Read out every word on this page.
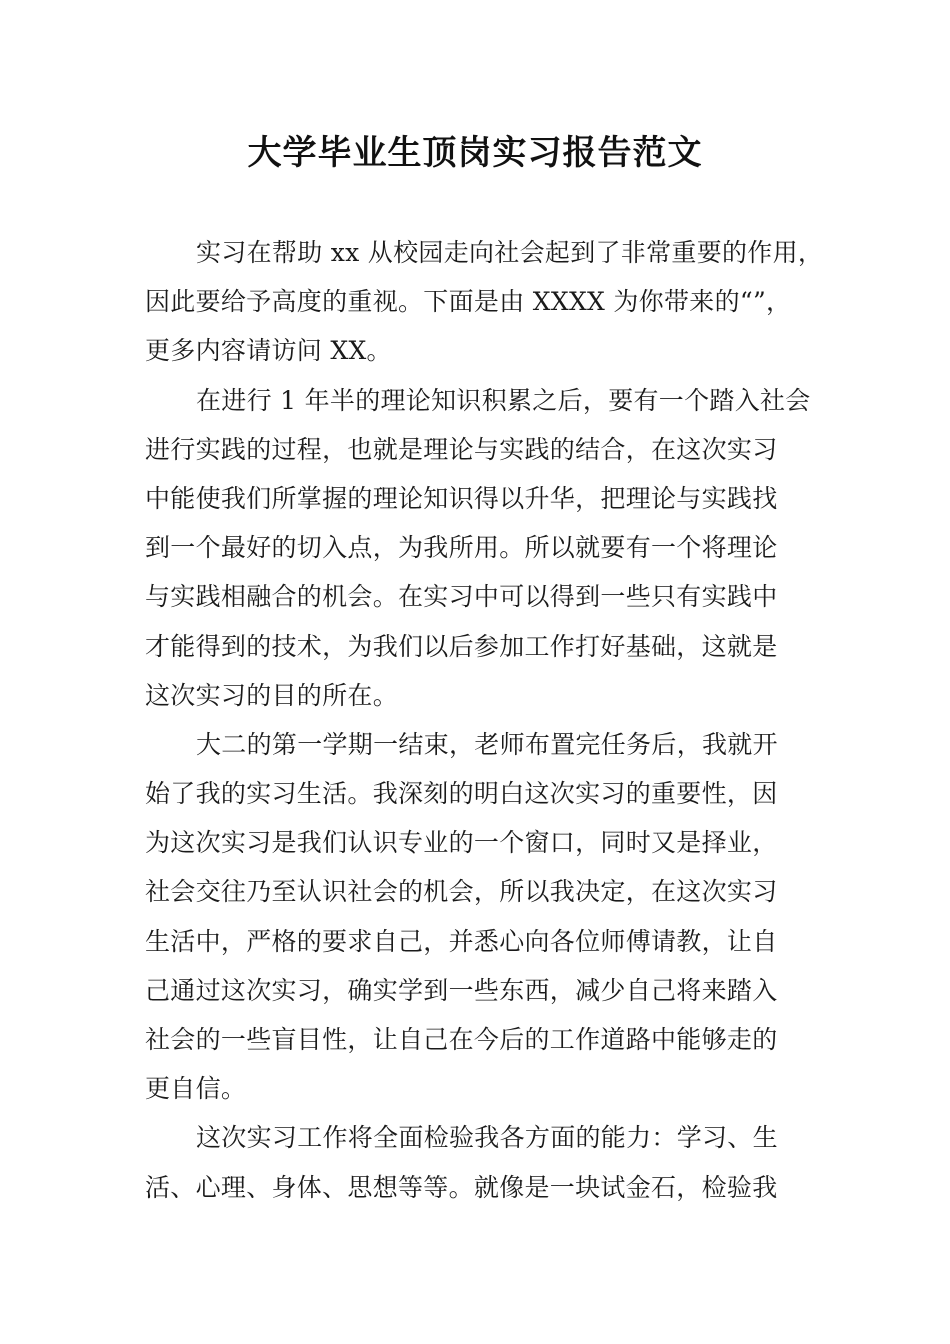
大学毕业生顶岗实习报告范文
实习在帮助 xx 从校园走向社会起到了非常重要的作用，
因此要给予高度的重视。下面是由 XXXX 为你带来的“”，
更多内容请访问 XX。
在进行 1 年半的理论知识积累之后，要有一个踏入社会
进行实践的过程，也就是理论与实践的结合，在这次实习
中能使我们所掌握的理论知识得以升华，把理论与实践找
到一个最好的切入点，为我所用。所以就要有一个将理论
与实践相融合的机会。在实习中可以得到一些只有实践中
才能得到的技术，为我们以后参加工作打好基础，这就是
这次实习的目的所在。
大二的第一学期一结束，老师布置完任务后，我就开
始了我的实习生活。我深刻的明白这次实习的重要性，因
为这次实习是我们认识专业的一个窗口，同时又是择业，
社会交往乃至认识社会的机会，所以我决定，在这次实习
生活中，严格的要求自己，并悉心向各位师傅请教，让自
己通过这次实习，确实学到一些东西，减少自己将来踏入
社会的一些盲目性，让自己在今后的工作道路中能够走的
更自信。
这次实习工作将全面检验我各方面的能力：学习、生
活、心理、身体、思想等等。就像是一块试金石，检验我
